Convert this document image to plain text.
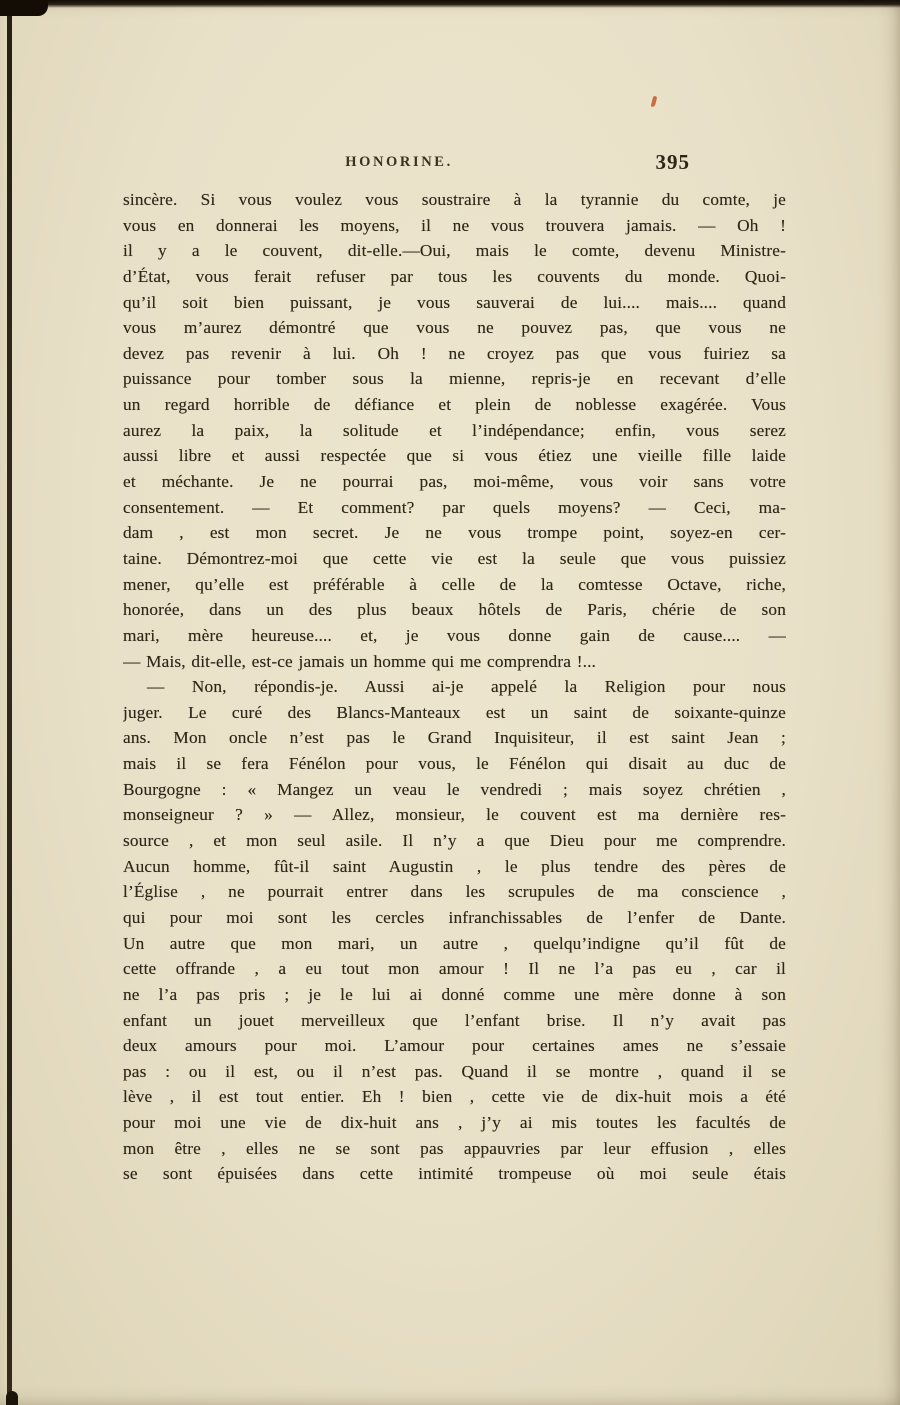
HONORINE.	395
sincère. Si vous voulez vous soustraire à la tyrannie du comte, je
vous en donnerai les moyens, il ne vous trouvera jamais. — Oh !
il y a le couvent, dit-elle.—Oui, mais le comte, devenu Ministre-
d’État, vous ferait refuser par tous les couvents du monde. Quoi-
qu’il soit bien puissant, je vous sauverai de lui.... mais.... quand
vous m’aurez démontré que vous ne pouvez pas, que vous ne
devez pas revenir à lui. Oh ! ne croyez pas que vous fuiriez sa
puissance pour tomber sous la mienne, repris-je en recevant d’elle
un regard horrible de défiance et plein de noblesse exagérée. Vous
aurez la paix, la solitude et l’indépendance; enfin, vous serez
aussi libre et aussi respectée que si vous étiez une vieille fille laide
et méchante. Je ne pourrai pas, moi-même, vous voir sans votre
consentement. — Et comment? par quels moyens? — Ceci, ma-
dam , est mon secret. Je ne vous trompe point, soyez-en cer-
taine. Démontrez-moi que cette vie est la seule que vous puissiez
mener, qu’elle est préférable à celle de la comtesse Octave, riche,
honorée, dans un des plus beaux hôtels de Paris, chérie de son
mari, mère heureuse.... et, je vous donne gain de cause.... —
— Mais, dit-elle, est-ce jamais un homme qui me comprendra !...
— Non, répondis-je. Aussi ai-je appelé la Religion pour nous
juger. Le curé des Blancs-Manteaux est un saint de soixante-quinze
ans. Mon oncle n’est pas le Grand Inquisiteur, il est saint Jean ;
mais il se fera Fénélon pour vous, le Fénélon qui disait au duc de
Bourgogne : « Mangez un veau le vendredi ; mais soyez chrétien ,
monseigneur ? » — Allez, monsieur, le couvent est ma dernière res-
source , et mon seul asile. Il n’y a que Dieu pour me comprendre.
Aucun homme, fût-il saint Augustin , le plus tendre des pères de
l’Église , ne pourrait entrer dans les scrupules de ma conscience ,
qui pour moi sont les cercles infranchissables de l’enfer de Dante.
Un autre que mon mari, un autre , quelqu’indigne qu’il fût de
cette offrande , a eu tout mon amour ! Il ne l’a pas eu , car il
ne l’a pas pris ; je le lui ai donné comme une mère donne à son
enfant un jouet merveilleux que l’enfant brise. Il n’y avait pas
deux amours pour moi. L’amour pour certaines ames ne s’essaie
pas : ou il est, ou il n’est pas. Quand il se montre , quand il se
lève , il est tout entier. Eh ! bien , cette vie de dix-huit mois a été
pour moi une vie de dix-huit ans , j’y ai mis toutes les facultés de
mon être , elles ne se sont pas appauvries par leur effusion , elles
se sont épuisées dans cette intimité trompeuse où moi seule étais
